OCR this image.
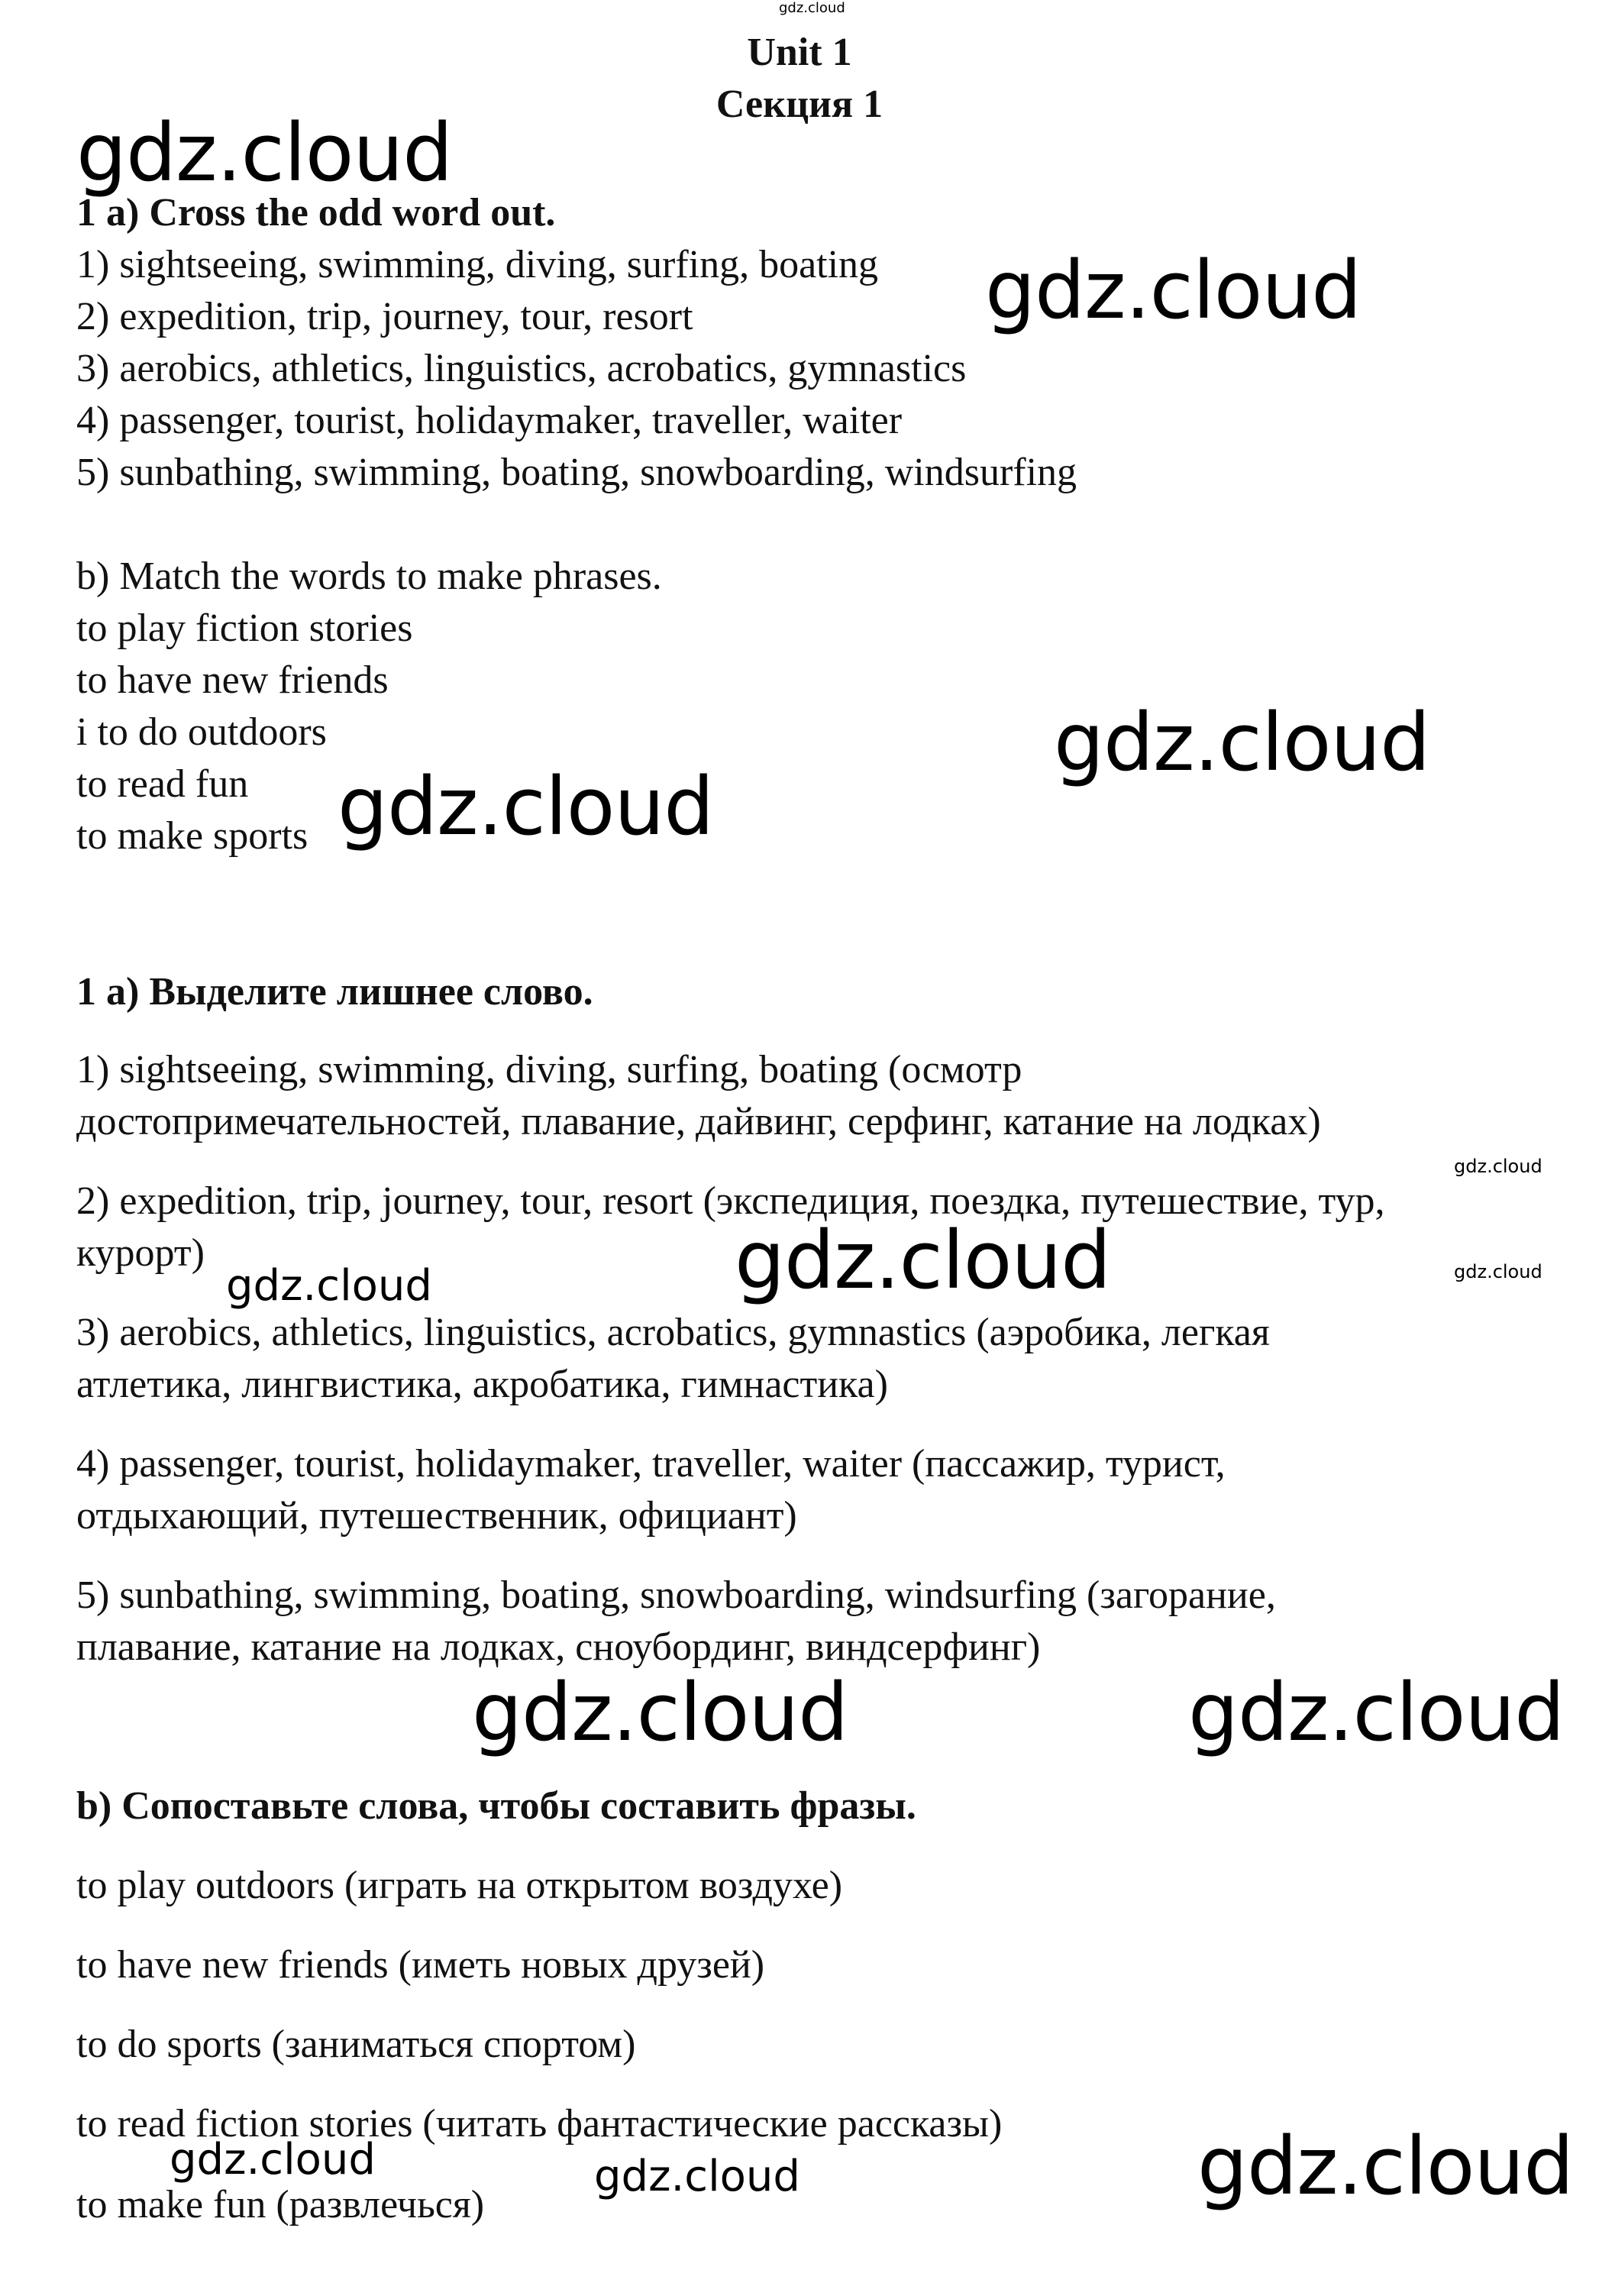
Unit 1
Секция 1
1 a) Cross the odd word out.
1) sightseeing, swimming, diving, surfing, boating
2) expedition, trip, journey, tour, resort
3) aerobics, athletics, linguistics, acrobatics, gymnastics
4) passenger, tourist, holidaymaker, traveller, waiter
5) sunbathing, swimming, boating, snowboarding, windsurfing
b) Match the words to make phrases.
to play fiction stories
to have new friends
i to do outdoors
to read fun
to make sports
1 а) Выделите лишнее слово.
1) sightseeing, swimming, diving, surfing, boating (осмотр
достопримечательностей, плавание, дайвинг, серфинг, катание на лодках)
2) expedition, trip, journey, tour, resort (экспедиция, поездка, путешествие, тур,
курорт)
3) aerobics, athletics, linguistics, acrobatics, gymnastics (аэробика, легкая
атлетика, лингвистика, акробатика, гимнастика)
4) passenger, tourist, holidaymaker, traveller, waiter (пассажир, турист,
отдыхающий, путешественник, официант)
5) sunbathing, swimming, boating, snowboarding, windsurfing (загорание,
плавание, катание на лодках, сноубординг, виндсерфинг)
b) Сопоставьте слова, чтобы составить фразы.
to play outdoors (играть на открытом воздухе)
to have new friends (иметь новых друзей)
to do sports (заниматься спортом)
to read fiction stories (читать фантастические рассказы)
to make fun (развлечься)
gdz.cloud
gdz.cloud
gdz.cloud
gdz.cloud
gdz.cloud
gdz.cloud
gdz.cloud	gdz.cloud
gdz.cloud
gdz.cloud	gdz.cloud
gdz.cloud	gdz.cloud
gdz.cloud
